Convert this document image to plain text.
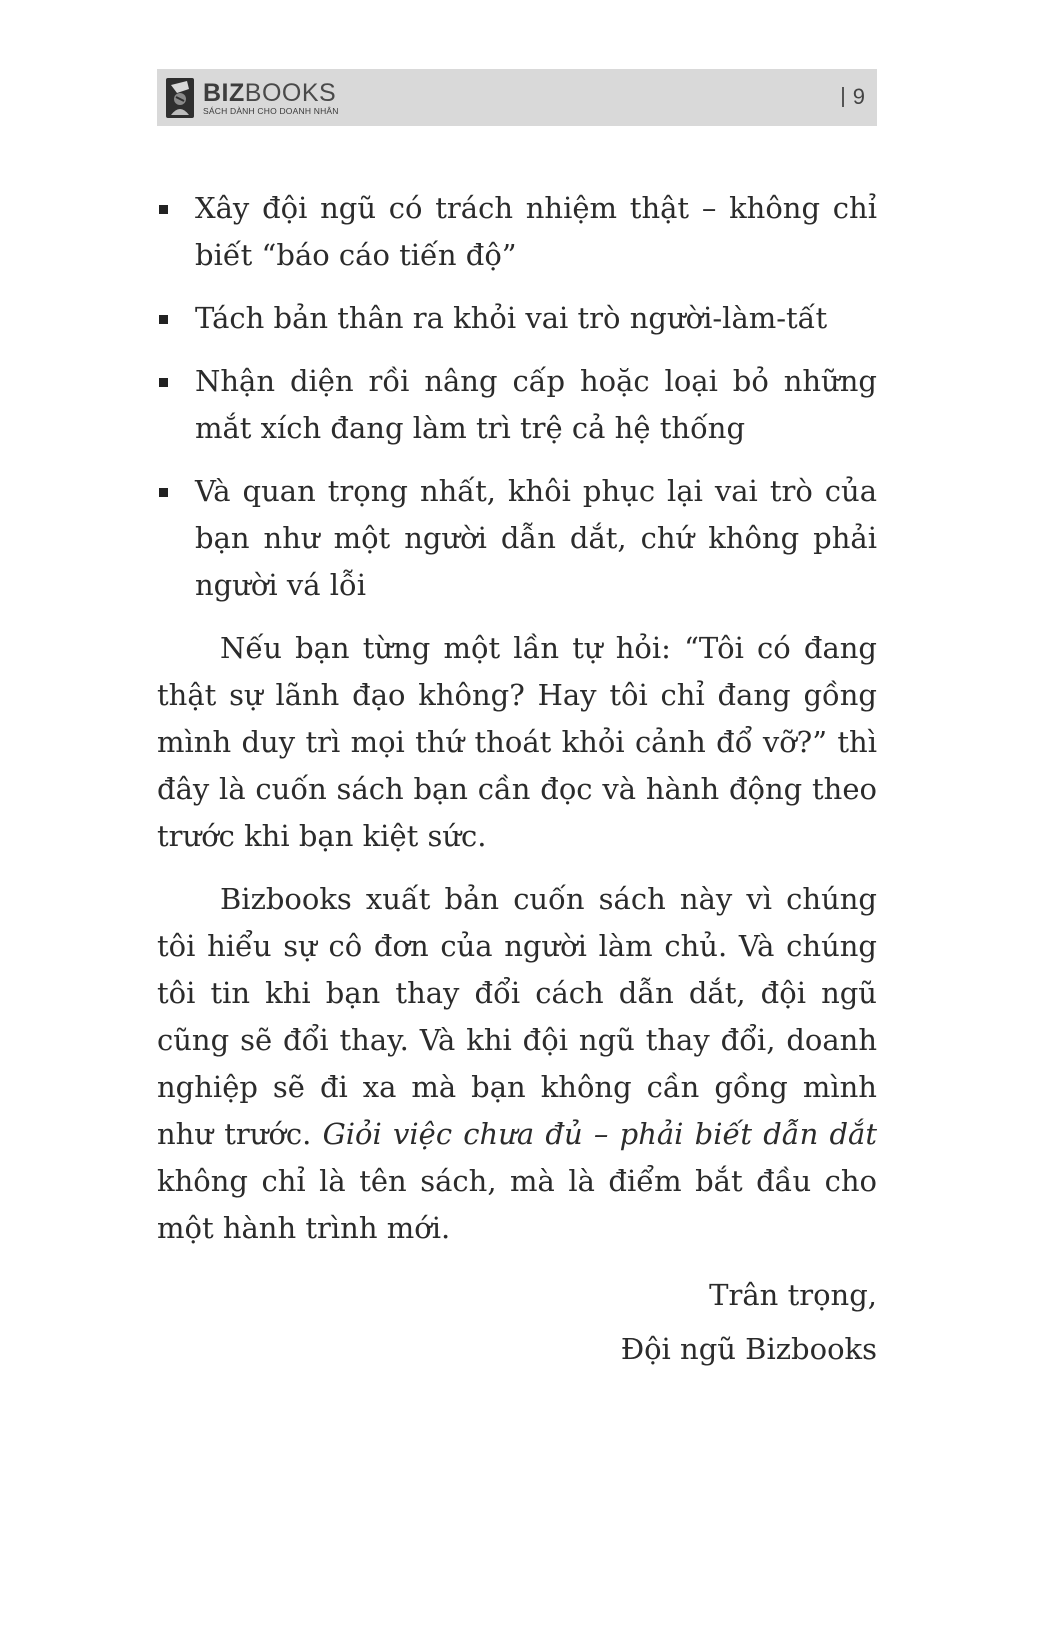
BIZBOOKS
SÁCH DÀNH CHO DOANH NHÂN
9
Xây đội ngũ có trách nhiệm thật – không chỉ biết “báo cáo tiến độ”
Tách bản thân ra khỏi vai trò người-làm-tất
Nhận diện rồi nâng cấp hoặc loại bỏ những mắt xích đang làm trì trệ cả hệ thống
Và quan trọng nhất, khôi phục lại vai trò của bạn như một người dẫn dắt, chứ không phải người vá lỗi

Nếu bạn từng một lần tự hỏi: “Tôi có đang thật sự lãnh đạo không? Hay tôi chỉ đang gồng mình duy trì mọi thứ thoát khỏi cảnh đổ vỡ?” thì đây là cuốn sách bạn cần đọc và hành động theo trước khi bạn kiệt sức.

Bizbooks xuất bản cuốn sách này vì chúng tôi hiểu sự cô đơn của người làm chủ. Và chúng tôi tin khi bạn thay đổi cách dẫn dắt, đội ngũ cũng sẽ đổi thay. Và khi đội ngũ thay đổi, doanh nghiệp sẽ đi xa mà bạn không cần gồng mình như trước. Giỏi việc chưa đủ – phải biết dẫn dắt không chỉ là tên sách, mà là điểm bắt đầu cho một hành trình mới.

Trân trọng,

Đội ngũ Bizbooks
